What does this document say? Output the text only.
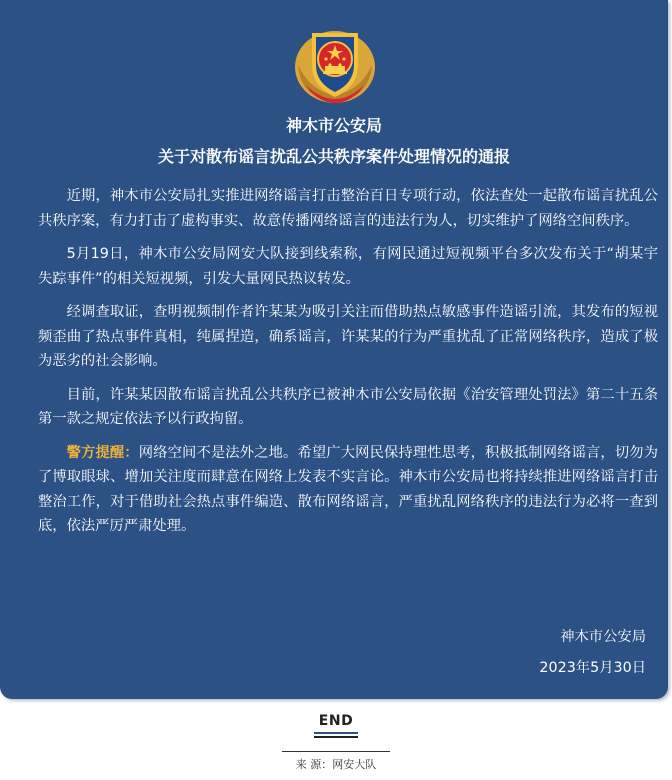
神木市公安局
关于对散布谣言扰乱公共秩序案件处理情况的通报

近期，神木市公安局扎实推进网络谣言打击整治百日专项行动，依法查处一起散布谣言扰乱公共秩序案，有力打击了虚构事实、故意传播网络谣言的违法行为人，切实维护了网络空间秩序。

5月19日，神木市公安局网安大队接到线索称，有网民通过短视频平台多次发布关于“胡某宇失踪事件”的相关短视频，引发大量网民热议转发。

经调查取证，查明视频制作者许某某为吸引关注而借助热点敏感事件造谣引流，其发布的短视频歪曲了热点事件真相，纯属捏造，确系谣言，许某某的行为严重扰乱了正常网络秩序，造成了极为恶劣的社会影响。

目前，许某某因散布谣言扰乱公共秩序已被神木市公安局依据《治安管理处罚法》第二十五条第一款之规定依法予以行政拘留。

警方提醒：网络空间不是法外之地。希望广大网民保持理性思考，积极抵制网络谣言，切勿为了博取眼球、增加关注度而肆意在网络上发表不实言论。神木市公安局也将持续推进网络谣言打击整治工作，对于借助社会热点事件编造、散布网络谣言，严重扰乱网络秩序的违法行为必将一查到底，依法严厉严肃处理。

神木市公安局
2023年5月30日
END
来 源：网安大队
